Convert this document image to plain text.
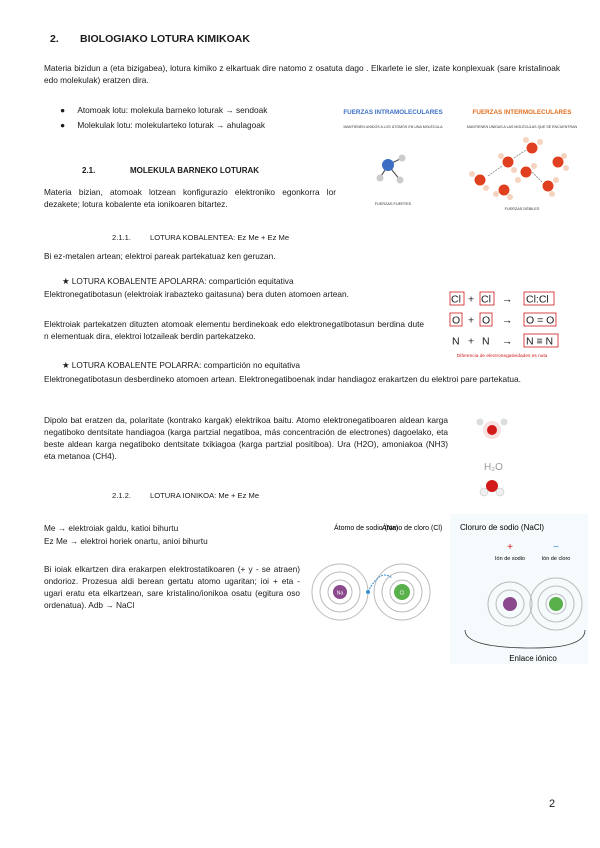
2. BIOLOGIAKO LOTURA KIMIKOAK
Materia bizidun a (eta bizigabea), lotura kimiko z elkartuak dire natomo z osatuta dago . Elkarlete ie sler, izate konplexuak (sare kristalinoak edo molekulak) eratzen dira.
● Atomoak lotu: molekula barneko loturak → sendoak
● Molekulak lotu: molekularteko loturak → ahulagoak
FUERZAS INTRAMOLECULARES	FUERZAS INTERMOLECULARES
MANTIENEN UNIDOS A LOS ÁTOMOS EN UNA MOLÉCULA	MANTIENEN UNIDAS A LAS MOLÉCULAS QUE SE ENCUENTRAN
FUERZAS FUERTES
FUERZAS DÉBILES
2.1.	MOLEKULA BARNEKO LOTURAK
Materia bizian, atomoak lotzean konfigurazio elektroniko egonkorra lor dezakete; lotura kobalente eta ionikoaren bitartez.
2.1.1.	LOTURA KOBALENTEA: Ez Me + Ez Me
Bi ez-metalen artean; elektroi pareak partekatuaz ken geruzan.
★ LOTURA KOBALENTE APOLARRA: compartición equitativa
Elektronegatibotasun (elektroiak irabazteko gaitasuna) bera duten atomoen artean.
Elektroiak partekatzen dituzten atomoak elementu berdinekoak edo elektronegatibotasun berdina dute n elementuak dira, elektroi lotzaileak berdin partekatzeko.
Cl + Cl → Cl:Cl
O + O → O = O
N + N → N ≡ N
Diferencia de electronegatividades es nula
★ LOTURA KOBALENTE POLARRA: compartición no equitativa
Elektronegatibotasun desberdineko atomoen artean. Elektronegatiboenak indar handiagoz erakartzen du elektroi pare partekatua.
Dipolo bat eratzen da, polaritate (kontrako kargak) elektrikoa baitu. Atomo elektronegatiboaren aldean karga negatiboko dentsitate handiagoa (karga partzial negatiboa, más concentración de electrones) dagoelako, eta beste aldean karga negatiboko dentsitate txikiagoa (karga partzial positiboa). Ura (H2O), amoniakoa (NH3) eta metanoa (CH4).
H₂O
2.1.2.	LOTURA IONIKOA: Me + Ez Me
Me → elektroiak galdu, katioi bihurtu
Ez Me → elektroi horiek onartu, anioi bihurtu
Bi ioiak elkartzen dira erakarpen elektrostatikoaren (+ y - se atraen) ondorioz. Prozesua aldi berean gertatu atomo ugaritan; ioi + eta - ugari eratu eta elkartzean, sare kristalino/ionikoa osatu (egitura oso ordenatua). Adb → NaCl
Átomo de sodio (Na)
Átomo de cloro (Cl) Cloruro de sodio (NaCl)
Na	Cl
+	−
Ión de sodio	Ión de cloro
Enlace iónico
2
